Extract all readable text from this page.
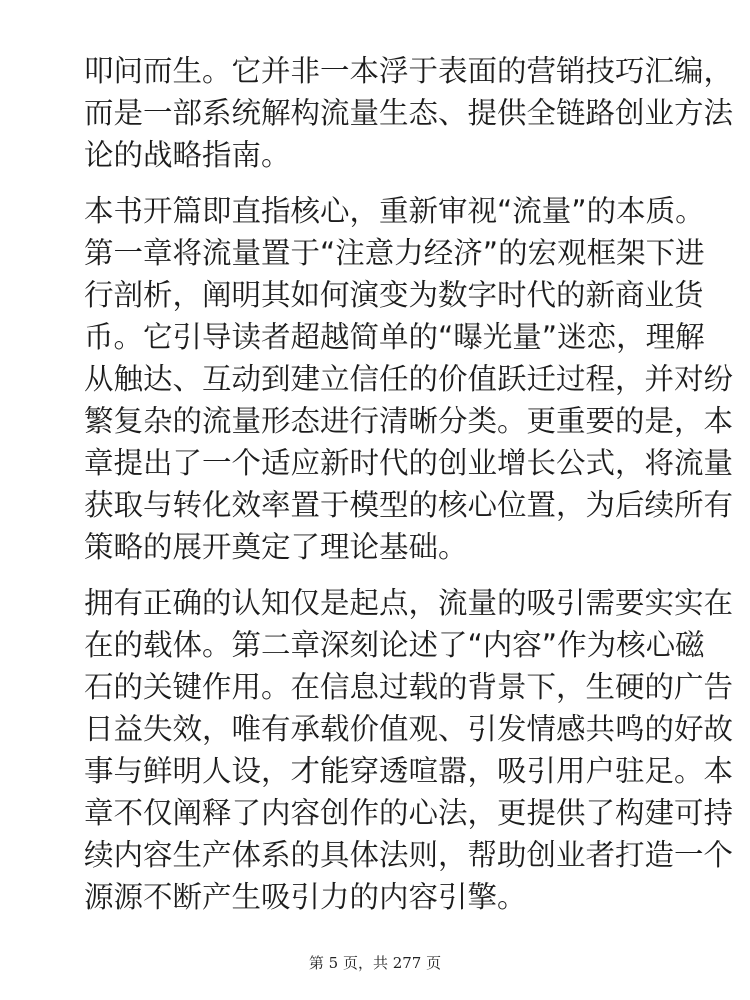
叩问而生。它并非一本浮于表面的营销技巧汇编，
而是一部系统解构流量生态、提供全链路创业方法
论的战略指南。

本书开篇即直指核心，重新审视“流量”的本质。
第一章将流量置于“注意力经济”的宏观框架下进
行剖析，阐明其如何演变为数字时代的新商业货
币。它引导读者超越简单的“曝光量”迷恋，理解
从触达、互动到建立信任的价值跃迁过程，并对纷
繁复杂的流量形态进行清晰分类。更重要的是，本
章提出了一个适应新时代的创业增长公式，将流量
获取与转化效率置于模型的核心位置，为后续所有
策略的展开奠定了理论基础。

拥有正确的认知仅是起点，流量的吸引需要实实在
在的载体。第二章深刻论述了“内容”作为核心磁
石的关键作用。在信息过载的背景下，生硬的广告
日益失效，唯有承载价值观、引发情感共鸣的好故
事与鲜明人设，才能穿透喧嚣，吸引用户驻足。本
章不仅阐释了内容创作的心法，更提供了构建可持
续内容生产体系的具体法则，帮助创业者打造一个
源源不断产生吸引力的内容引擎。

第 5 页，共 277 页
